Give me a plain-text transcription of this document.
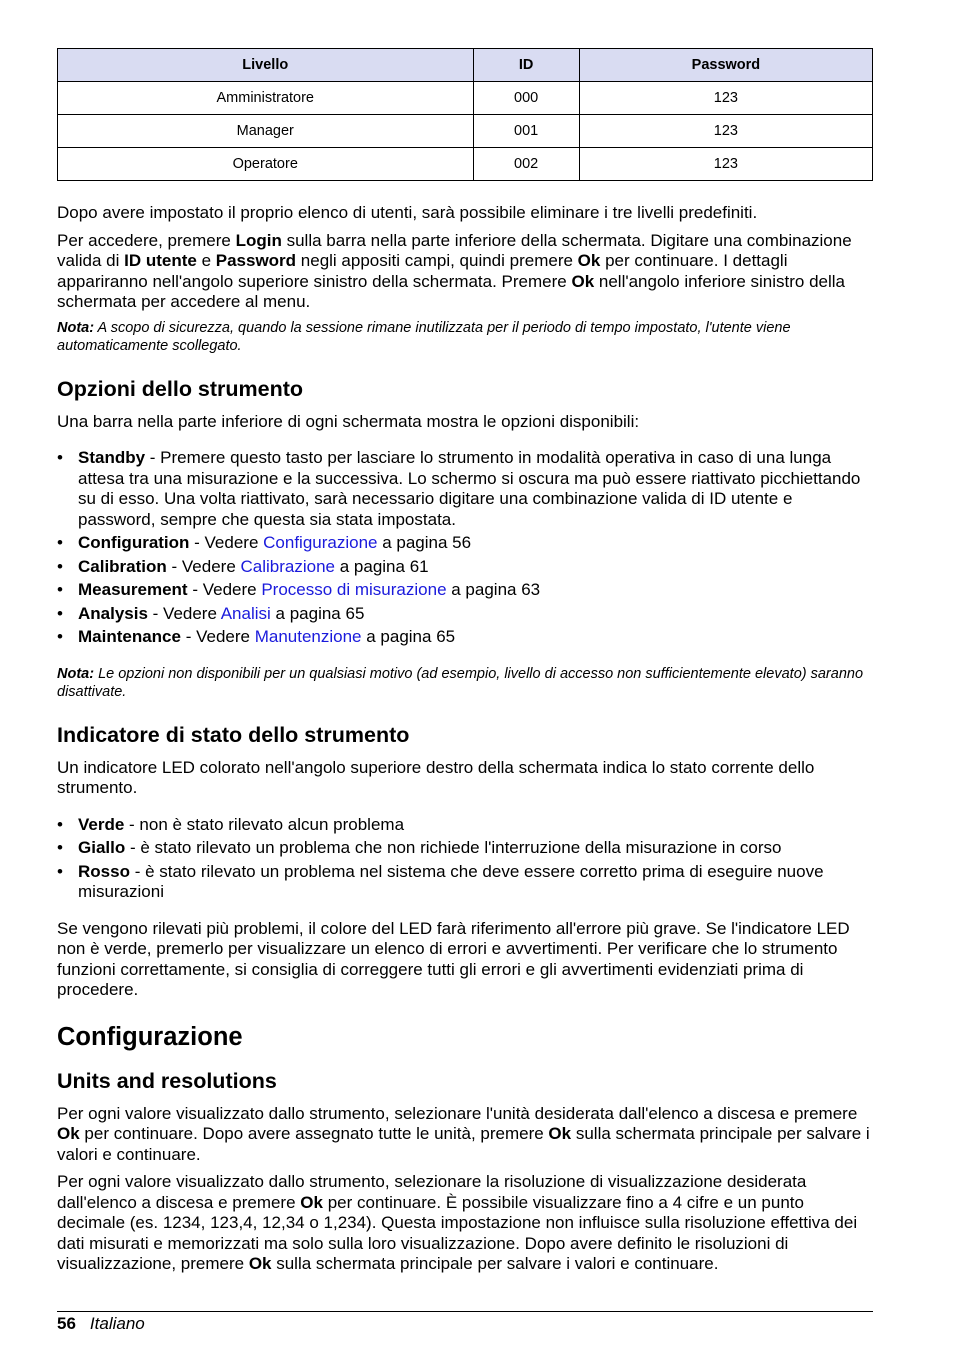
Livello	ID	Password
Amministratore	000	123
Manager	001	123
Operatore	002	123

Dopo avere impostato il proprio elenco di utenti, sarà possibile eliminare i tre livelli predefiniti.

Per accedere, premere Login sulla barra nella parte inferiore della schermata. Digitare una combinazione valida di ID utente e Password negli appositi campi, quindi premere Ok per continuare. I dettagli appariranno nell'angolo superiore sinistro della schermata. Premere Ok nell'angolo inferiore sinistro della schermata per accedere al menu.

Nota: A scopo di sicurezza, quando la sessione rimane inutilizzata per il periodo di tempo impostato, l'utente viene automaticamente scollegato.

Opzioni dello strumento

Una barra nella parte inferiore di ogni schermata mostra le opzioni disponibili:

• Standby - Premere questo tasto per lasciare lo strumento in modalità operativa in caso di una lunga attesa tra una misurazione e la successiva. Lo schermo si oscura ma può essere riattivato picchiettando su di esso. Una volta riattivato, sarà necessario digitare una combinazione valida di ID utente e password, sempre che questa sia stata impostata.
• Configuration - Vedere Configurazione a pagina 56
• Calibration - Vedere Calibrazione a pagina 61
• Measurement - Vedere Processo di misurazione a pagina 63
• Analysis - Vedere Analisi a pagina 65
• Maintenance - Vedere Manutenzione a pagina 65

Nota: Le opzioni non disponibili per un qualsiasi motivo (ad esempio, livello di accesso non sufficientemente elevato) saranno disattivate.

Indicatore di stato dello strumento

Un indicatore LED colorato nell'angolo superiore destro della schermata indica lo stato corrente dello strumento.

• Verde - non è stato rilevato alcun problema
• Giallo - è stato rilevato un problema che non richiede l'interruzione della misurazione in corso
• Rosso - è stato rilevato un problema nel sistema che deve essere corretto prima di eseguire nuove misurazioni

Se vengono rilevati più problemi, il colore del LED farà riferimento all'errore più grave. Se l'indicatore LED non è verde, premerlo per visualizzare un elenco di errori e avvertimenti. Per verificare che lo strumento funzioni correttamente, si consiglia di correggere tutti gli errori e gli avvertimenti evidenziati prima di procedere.

Configurazione
Units and resolutions

Per ogni valore visualizzato dallo strumento, selezionare l'unità desiderata dall'elenco a discesa e premere Ok per continuare. Dopo avere assegnato tutte le unità, premere Ok sulla schermata principale per salvare i valori e continuare.

Per ogni valore visualizzato dallo strumento, selezionare la risoluzione di visualizzazione desiderata dall'elenco a discesa e premere Ok per continuare. È possibile visualizzare fino a 4 cifre e un punto decimale (es. 1234, 123,4, 12,34 o 1,234). Questa impostazione non influisce sulla risoluzione effettiva dei dati misurati e memorizzati ma solo sulla loro visualizzazione. Dopo avere definito le risoluzioni di visualizzazione, premere Ok sulla schermata principale per salvare i valori e continuare.

56 Italiano
